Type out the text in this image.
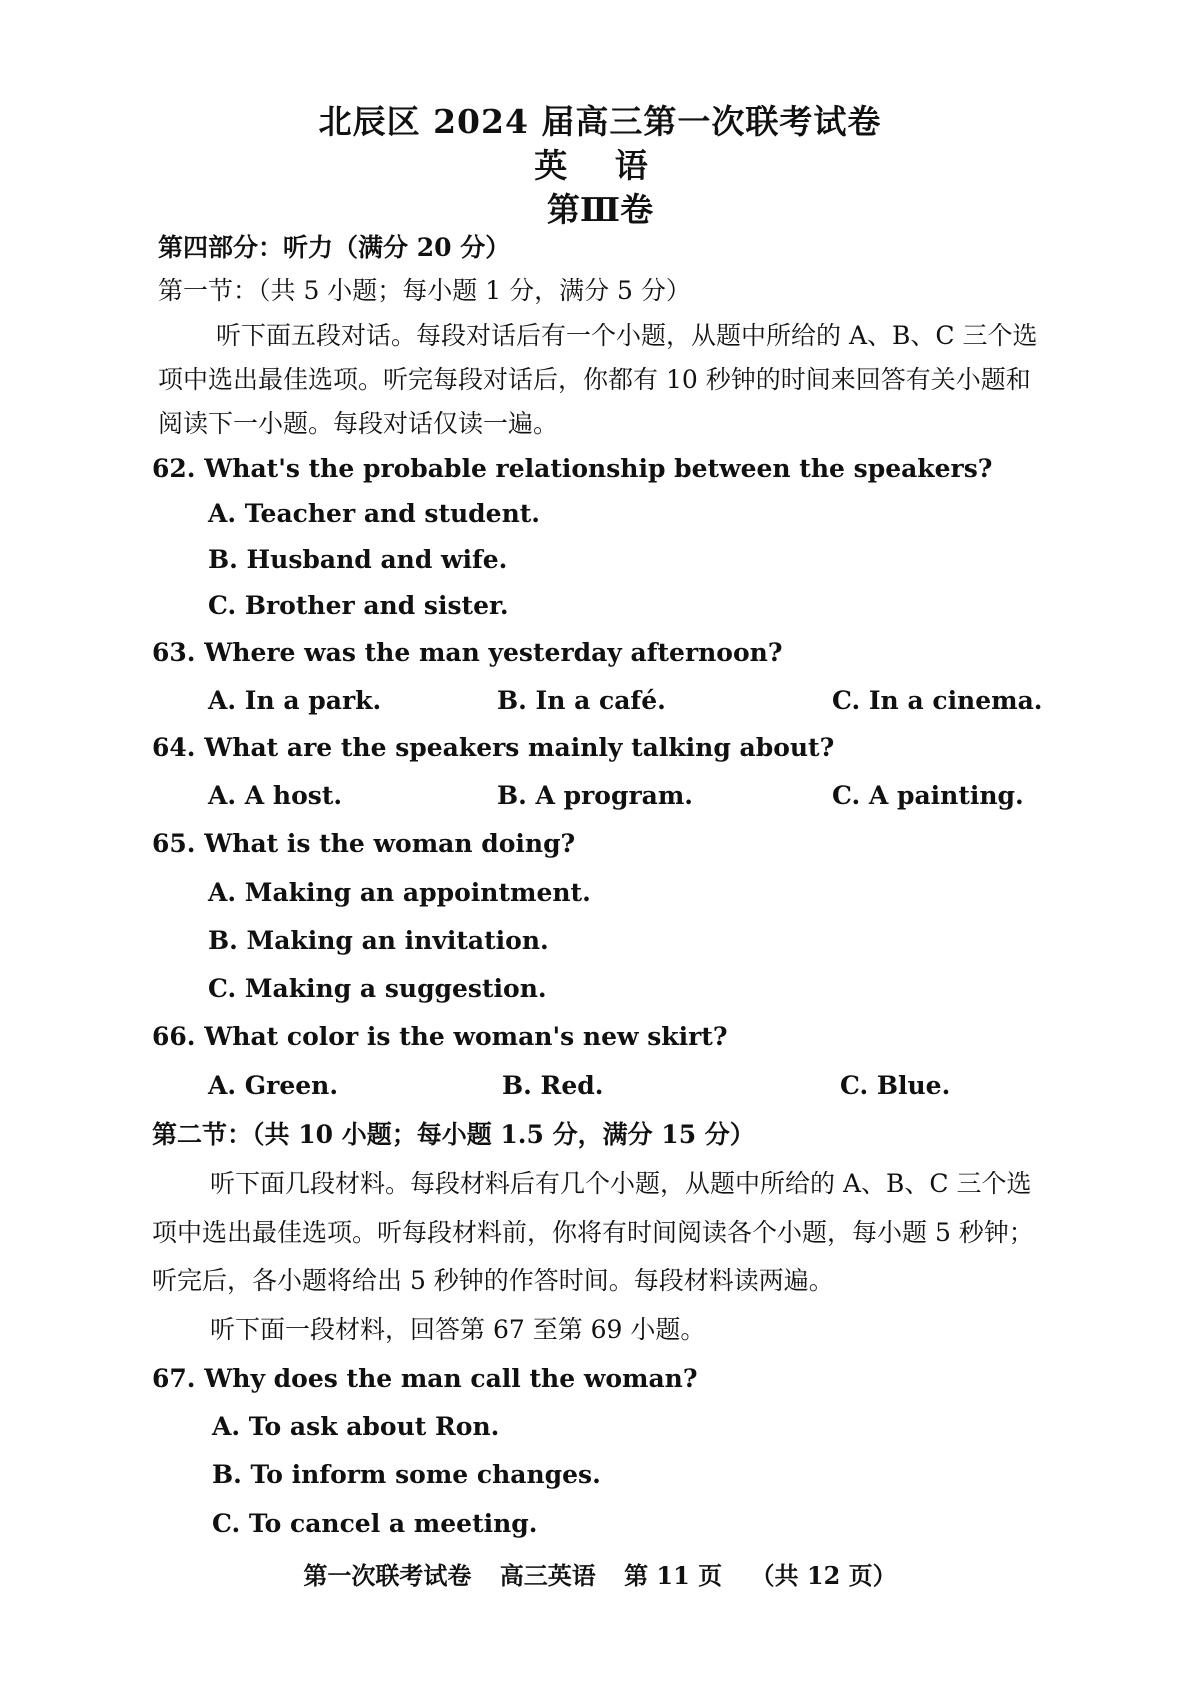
北辰区 2024 届高三第一次联考试卷
英 语
第Ⅲ卷
第四部分：听力（满分 20 分）
第一节：（共 5 小题；每小题 1 分，满分 5 分）
听下面五段对话。每段对话后有一个小题，从题中所给的 A、B、C 三个选
项中选出最佳选项。听完每段对话后，你都有 10 秒钟的时间来回答有关小题和
阅读下一小题。每段对话仅读一遍。
62. What's the probable relationship between the speakers?
A. Teacher and student.
B. Husband and wife.
C. Brother and sister.
63. Where was the man yesterday afternoon?
A. In a park.	B. In a café.	C. In a cinema.
64. What are the speakers mainly talking about?
A. A host.	B. A program.	C. A painting.
65. What is the woman doing?
A. Making an appointment.
B. Making an invitation.
C. Making a suggestion.
66. What color is the woman's new skirt?
A. Green.	B. Red.	C. Blue.
第二节：（共 10 小题；每小题 1.5 分，满分 15 分）
听下面几段材料。每段材料后有几个小题，从题中所给的 A、B、C 三个选
项中选出最佳选项。听每段材料前，你将有时间阅读各个小题，每小题 5 秒钟；
听完后，各小题将给出 5 秒钟的作答时间。每段材料读两遍。
听下面一段材料，回答第 67 至第 69 小题。
67. Why does the man call the woman?
A. To ask about Ron.
B. To inform some changes.
C. To cancel a meeting.
第一次联考试卷 高三英语 第 11 页 （共 12 页）
